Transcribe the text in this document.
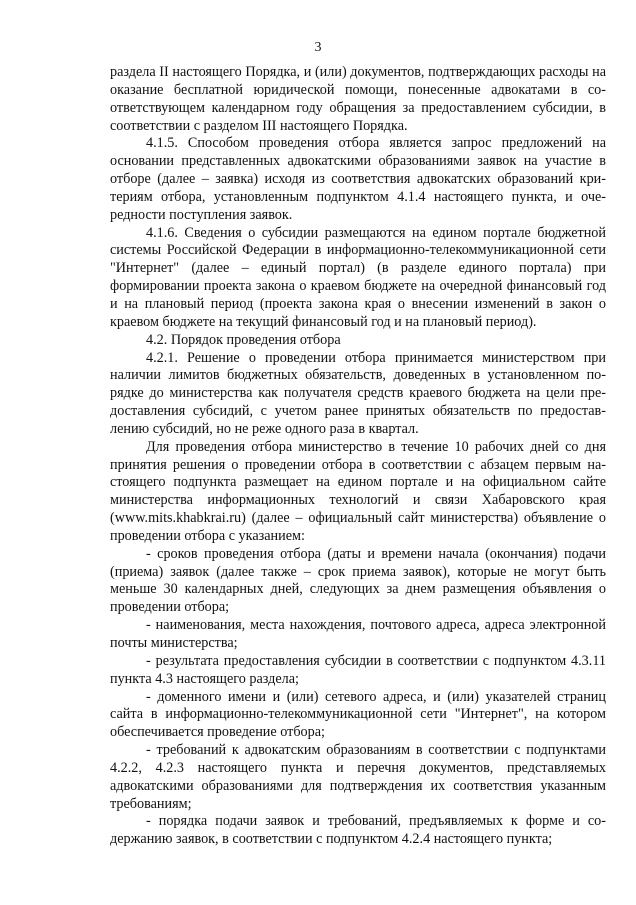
3

раздела II настоящего Порядка, и (или) документов, подтверждающих расходы на оказание бесплатной юридической помощи, понесенные адвокатами в соответствующем календарном году обращения за предоставлением субсидии, в соответствии с разделом III настоящего Порядка.

4.1.5. Способом проведения отбора является запрос предложений на основании представленных адвокатскими образованиями заявок на участие в отборе (далее – заявка) исходя из соответствия адвокатских образований критериям отбора, установленным подпунктом 4.1.4 настоящего пункта, и очередности поступления заявок.

4.1.6. Сведения о субсидии размещаются на едином портале бюджетной системы Российской Федерации в информационно-телекоммуникационной сети "Интернет" (далее – единый портал) (в разделе единого портала) при формировании проекта закона о краевом бюджете на очередной финансовый год и на плановый период (проекта закона края о внесении изменений в закон о краевом бюджете на текущий финансовый год и на плановый период).

4.2. Порядок проведения отбора

4.2.1. Решение о проведении отбора принимается министерством при наличии лимитов бюджетных обязательств, доведенных в установленном порядке до министерства как получателя средств краевого бюджета на цели предоставления субсидий, с учетом ранее принятых обязательств по предоставлению субсидий, но не реже одного раза в квартал.

Для проведения отбора министерство в течение 10 рабочих дней со дня принятия решения о проведении отбора в соответствии с абзацем первым настоящего подпункта размещает на едином портале и на официальном сайте министерства информационных технологий и связи Хабаровского края (www.mits.khabkrai.ru) (далее – официальный сайт министерства) объявление о проведении отбора с указанием:

- сроков проведения отбора (даты и времени начала (окончания) подачи (приема) заявок (далее также – срок приема заявок), которые не могут быть меньше 30 календарных дней, следующих за днем размещения объявления о проведении отбора;

- наименования, места нахождения, почтового адреса, адреса электронной почты министерства;

- результата предоставления субсидии в соответствии с подпунктом 4.3.11 пункта 4.3 настоящего раздела;

- доменного имени и (или) сетевого адреса, и (или) указателей страниц сайта в информационно-телекоммуникационной сети "Интернет", на котором обеспечивается проведение отбора;

- требований к адвокатским образованиям в соответствии с подпунктами 4.2.2, 4.2.3 настоящего пункта и перечня документов, представляемых адвокатскими образованиями для подтверждения их соответствия указанным требованиям;

- порядка подачи заявок и требований, предъявляемых к форме и содержанию заявок, в соответствии с подпунктом 4.2.4 настоящего пункта;
